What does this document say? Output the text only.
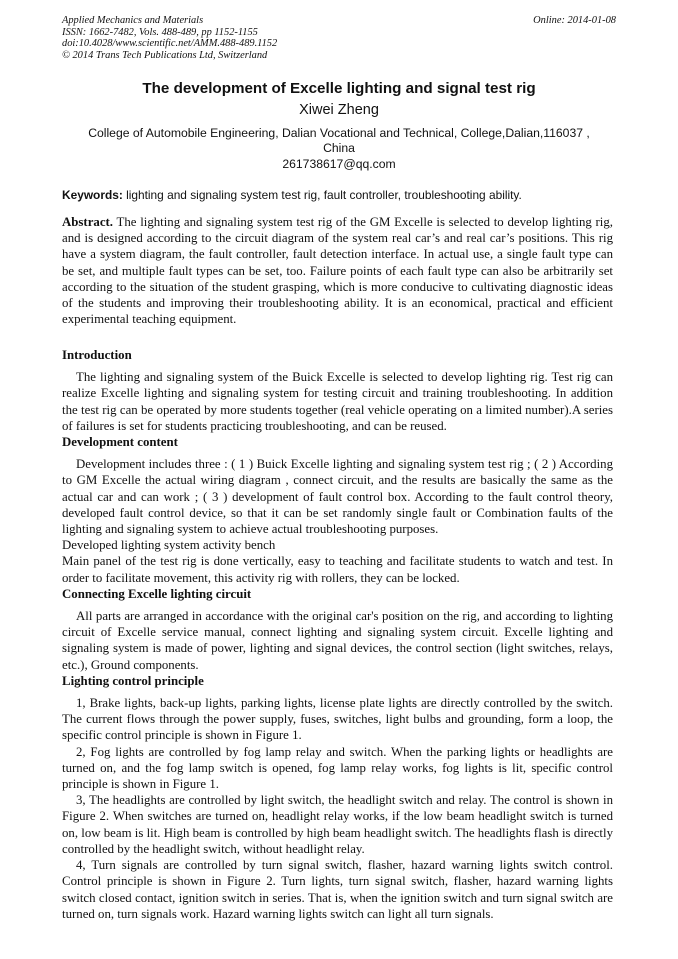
Applied Mechanics and Materials
ISSN: 1662-7482, Vols. 488-489, pp 1152-1155
doi:10.4028/www.scientific.net/AMM.488-489.1152
© 2014 Trans Tech Publications Ltd, Switzerland
Online: 2014-01-08
The development of Excelle lighting and signal test rig
Xiwei Zheng
College of Automobile Engineering, Dalian Vocational and Technical, College,Dalian,116037 ,
China
261738617@qq.com
Keywords: lighting and signaling system test rig, fault controller, troubleshooting ability.

Abstract. The lighting and signaling system test rig of the GM Excelle is selected to develop lighting rig, and is designed according to the circuit diagram of the system real car’s and real car’s positions. This rig have a system diagram, the fault controller, fault detection interface. In actual use, a single fault type can be set, and multiple fault types can be set, too. Failure points of each fault type can also be arbitrarily set according to the situation of the student grasping, which is more conducive to cultivating diagnostic ideas of the students and improving their troubleshooting ability. It is an economical, practical and efficient experimental teaching equipment.

Introduction

The lighting and signaling system of the Buick Excelle is selected to develop lighting rig. Test rig can realize Excelle lighting and signaling system for testing circuit and training troubleshooting. In addition the test rig can be operated by more students together (real vehicle operating on a limited number).A series of failures is set for students practicing troubleshooting, and can be reused.

Development content

Development includes three : ( 1 ) Buick Excelle lighting and signaling system test rig ; ( 2 ) According to GM Excelle the actual wiring diagram , connect circuit, and the results are basically the same as the actual car and can work ; ( 3 ) development of fault control box. According to the fault control theory, developed fault control device, so that it can be set randomly single fault or Combination faults of the lighting and signaling system to achieve actual troubleshooting purposes.

Developed lighting system activity bench

Main panel of the test rig is done vertically, easy to teaching and facilitate students to watch and test. In order to facilitate movement, this activity rig with rollers, they can be locked.

Connecting Excelle lighting circuit

All parts are arranged in accordance with the original car's position on the rig, and according to lighting circuit of Excelle service manual, connect lighting and signaling system circuit. Excelle lighting and signaling system is made of power, lighting and signal devices, the control section (light switches, relays, etc.), Ground components.

Lighting control principle

1, Brake lights, back-up lights, parking lights, license plate lights are directly controlled by the switch. The current flows through the power supply, fuses, switches, light bulbs and grounding, form a loop, the specific control principle is shown in Figure 1.

2, Fog lights are controlled by fog lamp relay and switch. When the parking lights or headlights are turned on, and the fog lamp switch is opened, fog lamp relay works, fog lights is lit, specific control principle is shown in Figure 1.

3, The headlights are controlled by light switch, the headlight switch and relay. The control is shown in Figure 2. When switches are turned on, headlight relay works, if the low beam headlight switch is turned on, low beam is lit. High beam is controlled by high beam headlight switch. The headlights flash is directly controlled by the headlight switch, without headlight relay.

4, Turn signals are controlled by turn signal switch, flasher, hazard warning lights switch control. Control principle is shown in Figure 2. Turn lights, turn signal switch, flasher, hazard warning lights switch closed contact, ignition switch in series. That is, when the ignition switch and turn signal switch are turned on, turn signals work. Hazard warning lights switch can light all turn signals.
